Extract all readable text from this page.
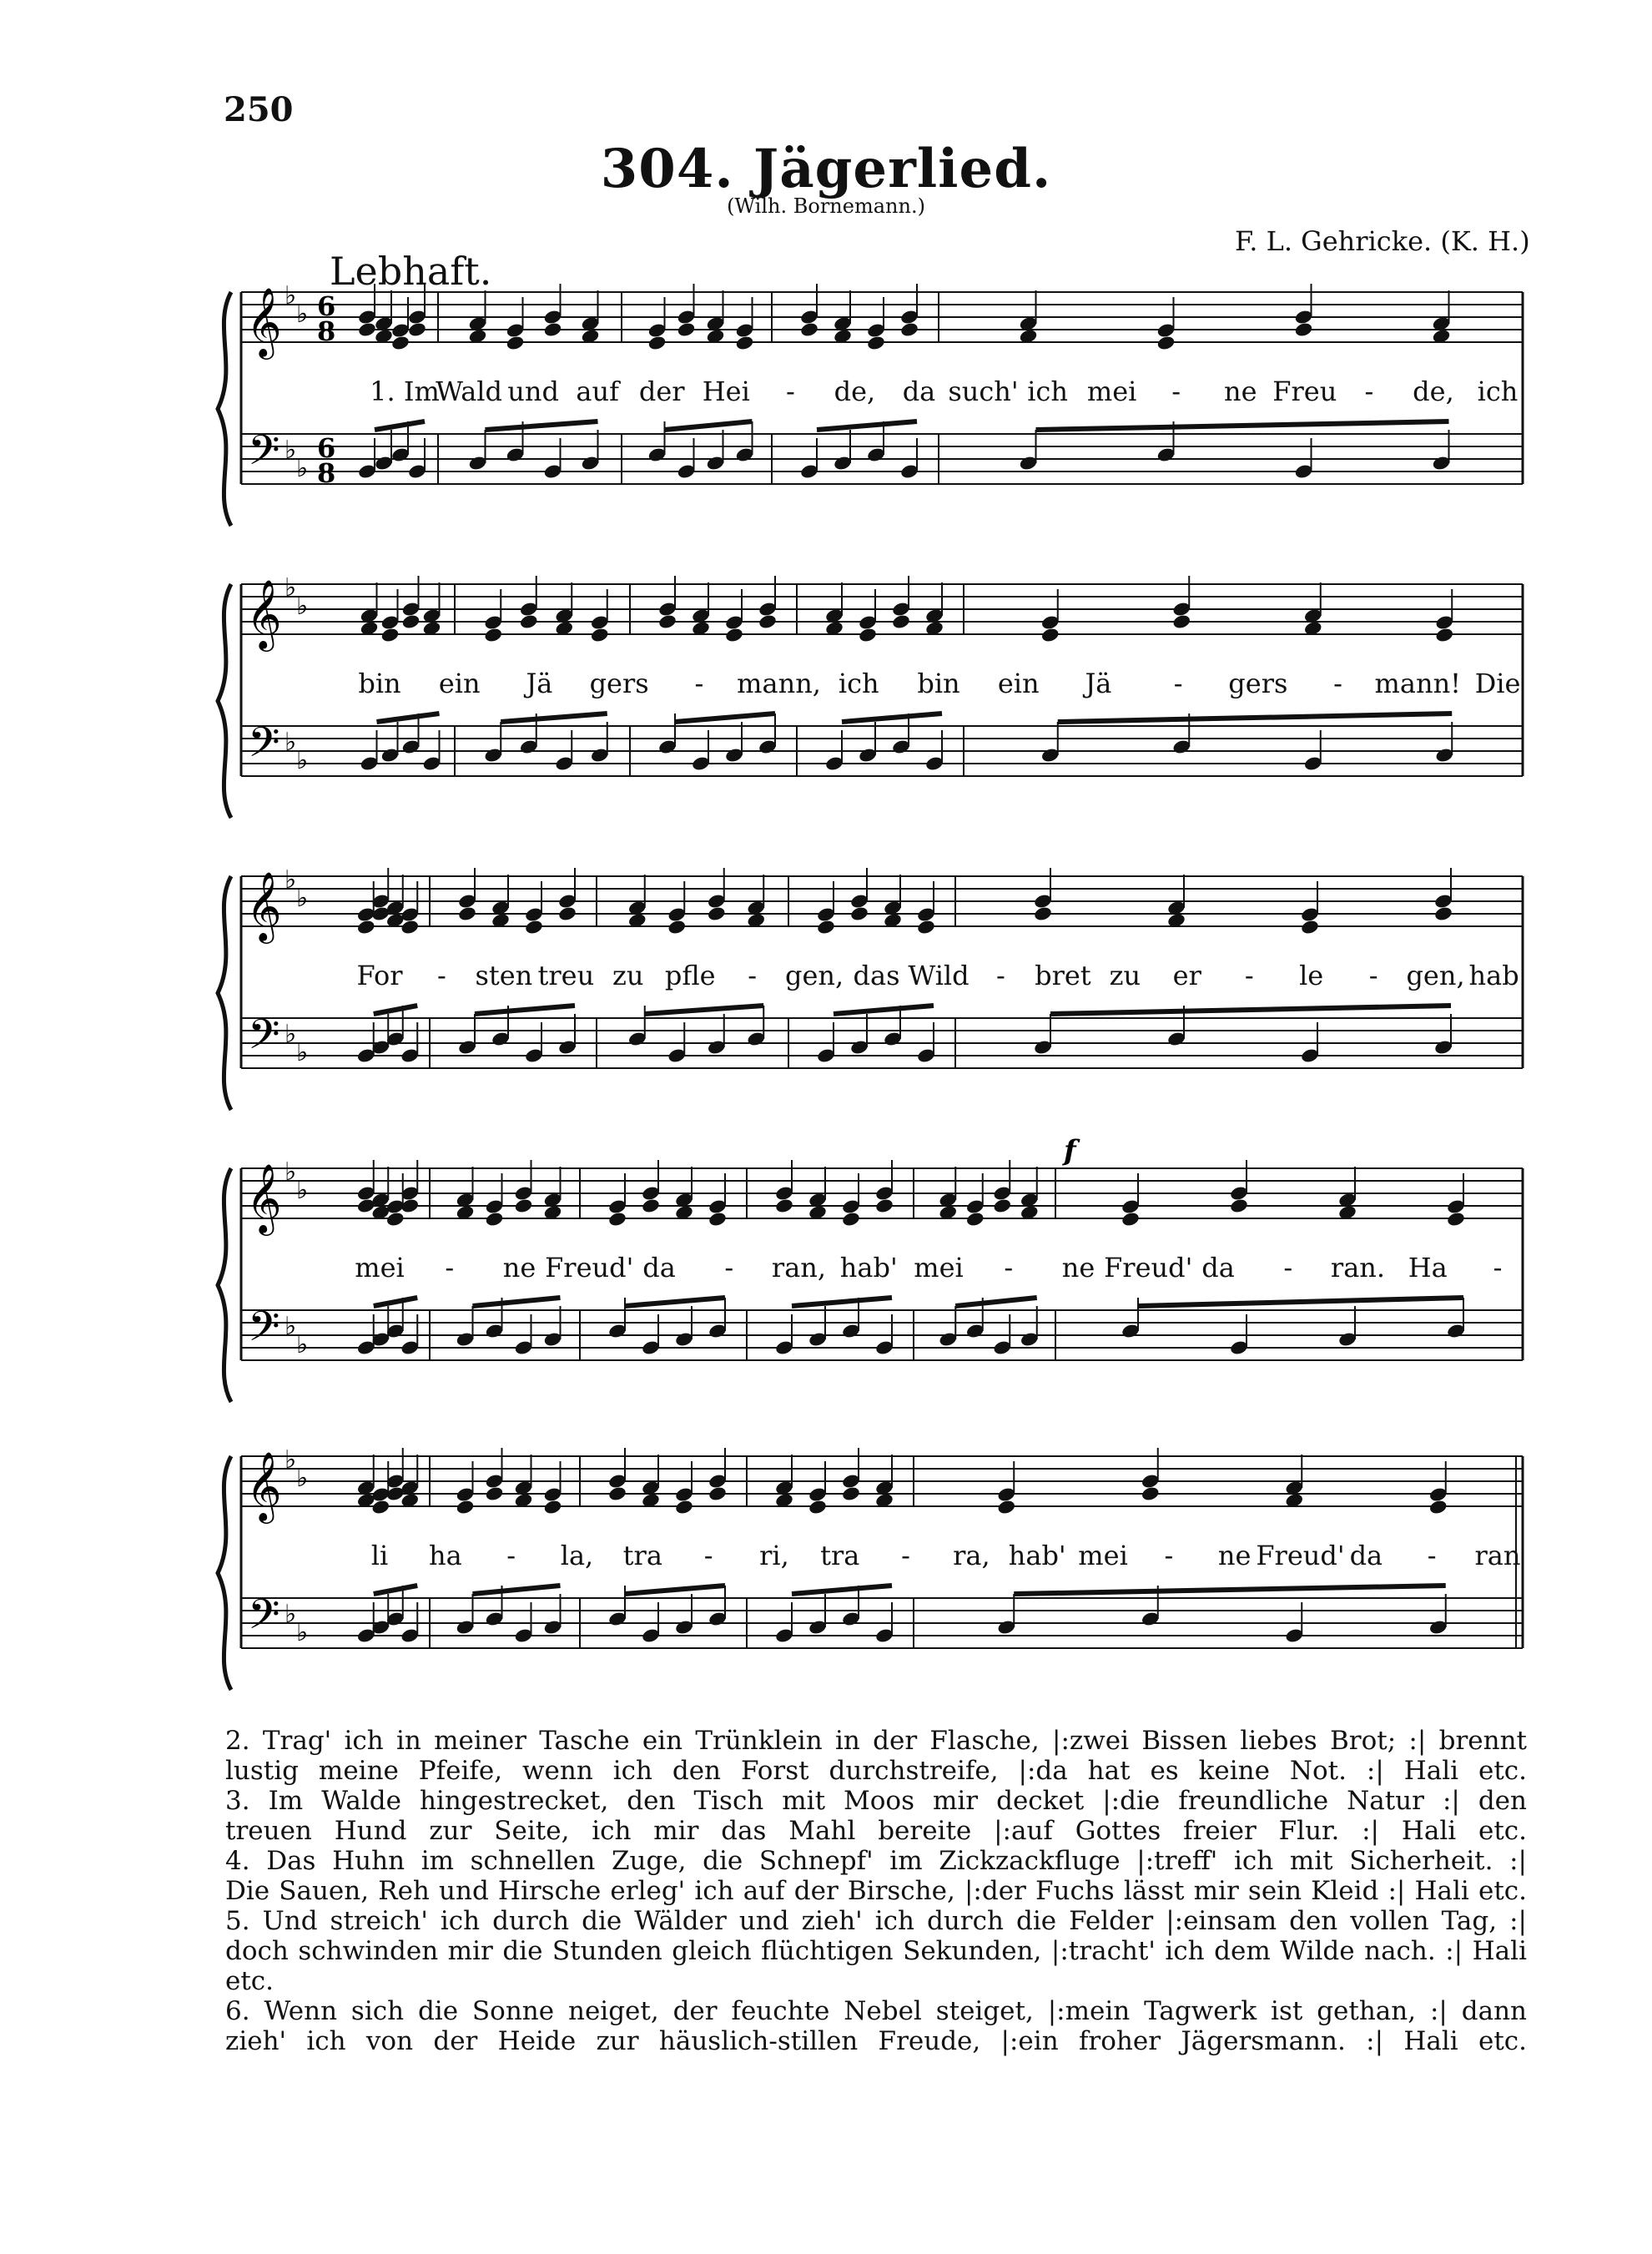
250
304. Jägerlied.
(Wilh. Bornemann.)
F. L. Gehricke. (K. H.)
Lebhaft.
𝄞
𝄢
♭
♭
♭
♭
6
8
6
8
1. Im
Wald und auf der Hei - de, da such' ich mei - ne Freu - de, ich
𝄞
𝄢
♭
♭
♭
♭
bin ein Jä gers - mann, ich bin ein Jä - gers - mann! Die
𝄞
𝄢
♭
♭
♭
♭
For - sten treu zu pfle - gen, das Wild - bret zu er - le - gen, hab'
𝄞
𝄢
♭
♭
♭
♭
f
mei - ne Freud' da - ran, hab' mei - ne Freud' da - ran. Ha -
𝄞
𝄢
♭
♭
♭
♭
li ha - la, tra - ri, tra - ra, hab' mei - ne Freud' da - ran

2. Trag' ich in meiner Tasche ein Trünklein in der Flasche, |:zwei Bissen liebes Brot; :| brennt

lustig meine Pfeife, wenn ich den Forst durchstreife, |:da hat es keine Not. :| Hali etc.

3. Im Walde hingestrecket, den Tisch mit Moos mir decket |:die freundliche Natur :| den

treuen Hund zur Seite, ich mir das Mahl bereite |:auf Gottes freier Flur. :| Hali etc.

4. Das Huhn im schnellen Zuge, die Schnepf' im Zickzackfluge |:treff' ich mit Sicherheit. :|

Die Sauen, Reh und Hirsche erleg' ich auf der Birsche, |:der Fuchs lässt mir sein Kleid :| Hali etc.

5. Und streich' ich durch die Wälder und zieh' ich durch die Felder |:einsam den vollen Tag, :|

doch schwinden mir die Stunden gleich flüchtigen Sekunden, |:tracht' ich dem Wilde nach. :| Hali etc.

6. Wenn sich die Sonne neiget, der feuchte Nebel steiget, |:mein Tagwerk ist gethan, :| dann

zieh' ich von der Heide zur häuslich-stillen Freude, |:ein froher Jägersmann. :| Hali etc.
